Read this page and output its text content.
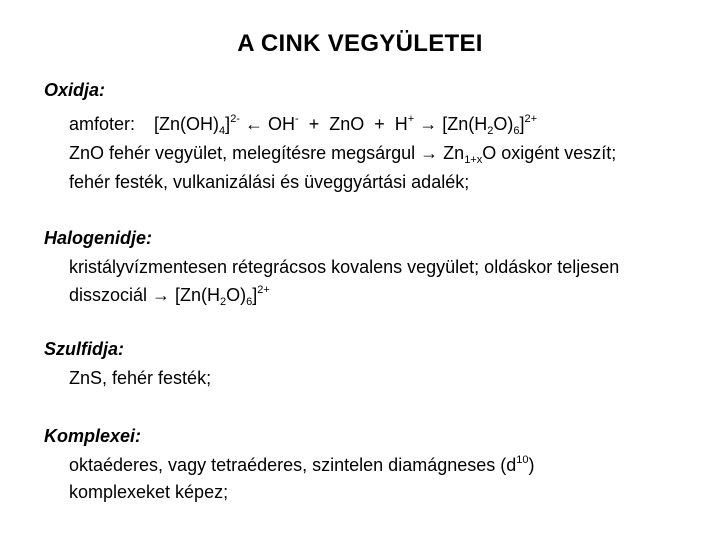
A CINK VEGYÜLETEI
Oxidja:
amfoter: $[Zn(OH)_4]^{2-}$ ← OH- + ZnO + $H^+ \to [Zn(H_2O)_6]^{2+}$
ZnO fehér vegyület, melegítésre megsárgul → $Zn_{1+x}O$ oxigént veszít;
fehér festék, vulkanizálási és üveggyártási adalék;
Halogenidje:
kristályvízmentesen rétegrácsos kovalens vegyület; oldáskor teljesen
disszociál → $[Zn(H_2O)_6]^{2+}$
Szulfidja:
ZnS, fehér festék;
Komplexei:
oktaéderes, vagy tetraéderes, szintelen diamágneses $(d^{10})$
komplexeket képez;
